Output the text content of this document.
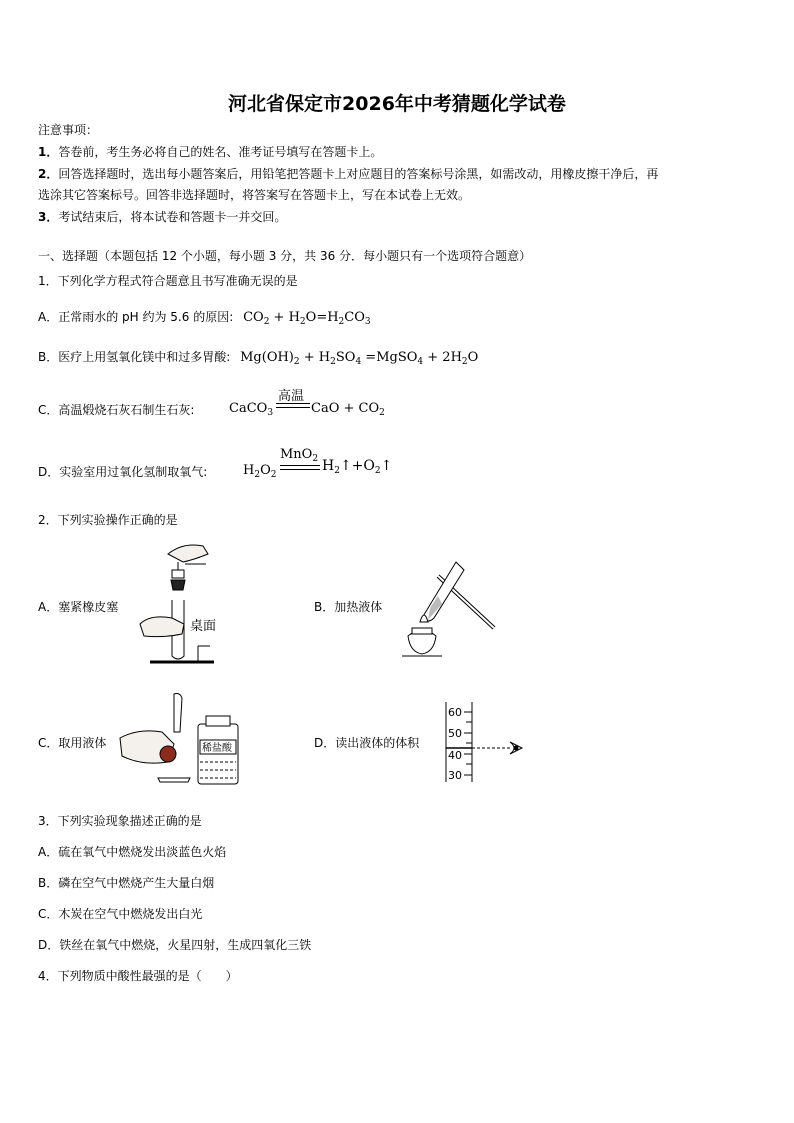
河北省保定市2026年中考猜题化学试卷
注意事项：
1．答卷前，考生务必将自己的姓名、准考证号填写在答题卡上。
2．回答选择题时，选出每小题答案后，用铅笔把答题卡上对应题目的答案标号涂黑，如需改动，用橡皮擦干净后，再
选涂其它答案标号。回答非选择题时，将答案写在答题卡上，写在本试卷上无效。
3．考试结束后，将本试卷和答题卡一并交回。
一、选择题（本题包括 12 个小题，每小题 3 分，共 36 分．每小题只有一个选项符合题意）
1．下列化学方程式符合题意且书写准确无误的是
A．正常雨水的 pH 约为 5.6 的原因: $CO_2 + H_2O=H_2CO_3$
B．医疗上用氢氧化镁中和过多胃酸: $Mg(OH)_2 + H_2SO_4$ =MgSO$_4$ + $2H_2O$
C．高温煅烧石灰石制生石灰:	CaCO$_3$
高温
CaO + $CO_2$
D．实验室用过氧化氢制取氧气:	$H_2O_2$
MnO$_2$ $H_2↑+O_2↑$
2．下列实验操作正确的是
A．塞紧橡皮塞
桌面
B．加热液体
C．取用液体	稀盐酸	D．读出液体的体积
60
50
40
30
3．下列实验现象描述正确的是
A．硫在氧气中燃烧发出淡蓝色火焰
B．磷在空气中燃烧产生大量白烟
C．木炭在空气中燃烧发出白光
D．铁丝在氧气中燃烧，火星四射，生成四氧化三铁
4．下列物质中酸性最强的是（　　）
